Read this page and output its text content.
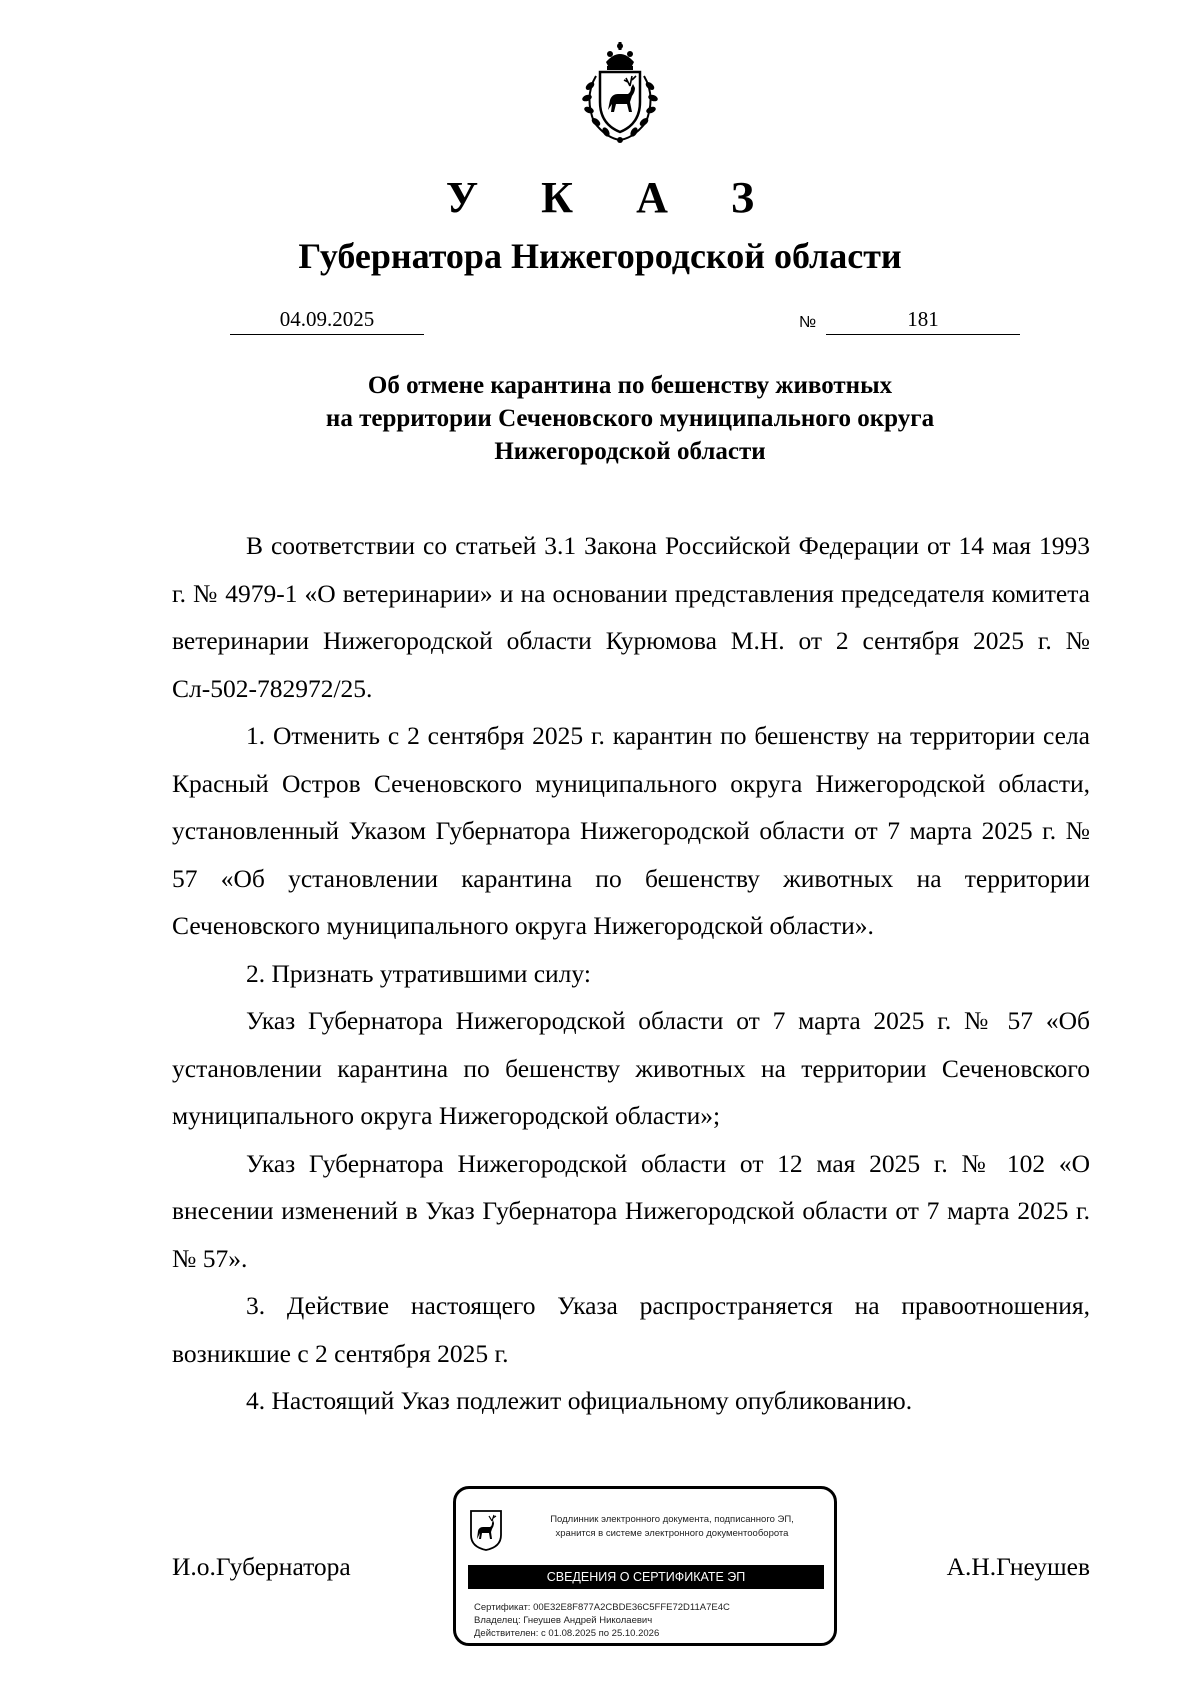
У К А З
Губернатора Нижегородской области
04.09.2025	№	181
Об отмене карантина по бешенству животных
на территории Сеченовского муниципального округа
Нижегородской области

В соответствии со статьей 3.1 Закона Российской Федерации от 14 мая 1993 г. № 4979-1 «О ветеринарии» и на основании представления председателя комитета ветеринарии Нижегородской области Курюмова М.Н. от 2 сентября 2025 г. № Сл-502-782972/25.

1. Отменить с 2 сентября 2025 г. карантин по бешенству на территории села Красный Остров Сеченовского муниципального округа Нижегородской области, установленный Указом Губернатора Нижегородской области от 7 марта 2025 г. № 57 «Об установлении карантина по бешенству животных на территории Сеченовского муниципального округа Нижегородской области».

2. Признать утратившими силу:

Указ Губернатора Нижегородской области от 7 марта 2025 г. № 57 «Об установлении карантина по бешенству животных на территории Сеченовского муниципального округа Нижегородской области»;

Указ Губернатора Нижегородской области от 12 мая 2025 г. № 102 «О внесении изменений в Указ Губернатора Нижегородской области от 7 марта 2025 г. № 57».

3. Действие настоящего Указа распространяется на правоотношения, возникшие с 2 сентября 2025 г.

4. Настоящий Указ подлежит официальному опубликованию.

И.о.Губернатора	А.Н.Гнеушев
Подлинник электронного документа, подписанного ЭП,
хранится в системе электронного документооборота
СВЕДЕНИЯ О СЕРТИФИКАТЕ ЭП
Сертификат: 00E32E8F877A2CBDE36C5FFE72D11A7E4C
Владелец: Гнеушев Андрей Николаевич
Действителен: с 01.08.2025 по 25.10.2026
